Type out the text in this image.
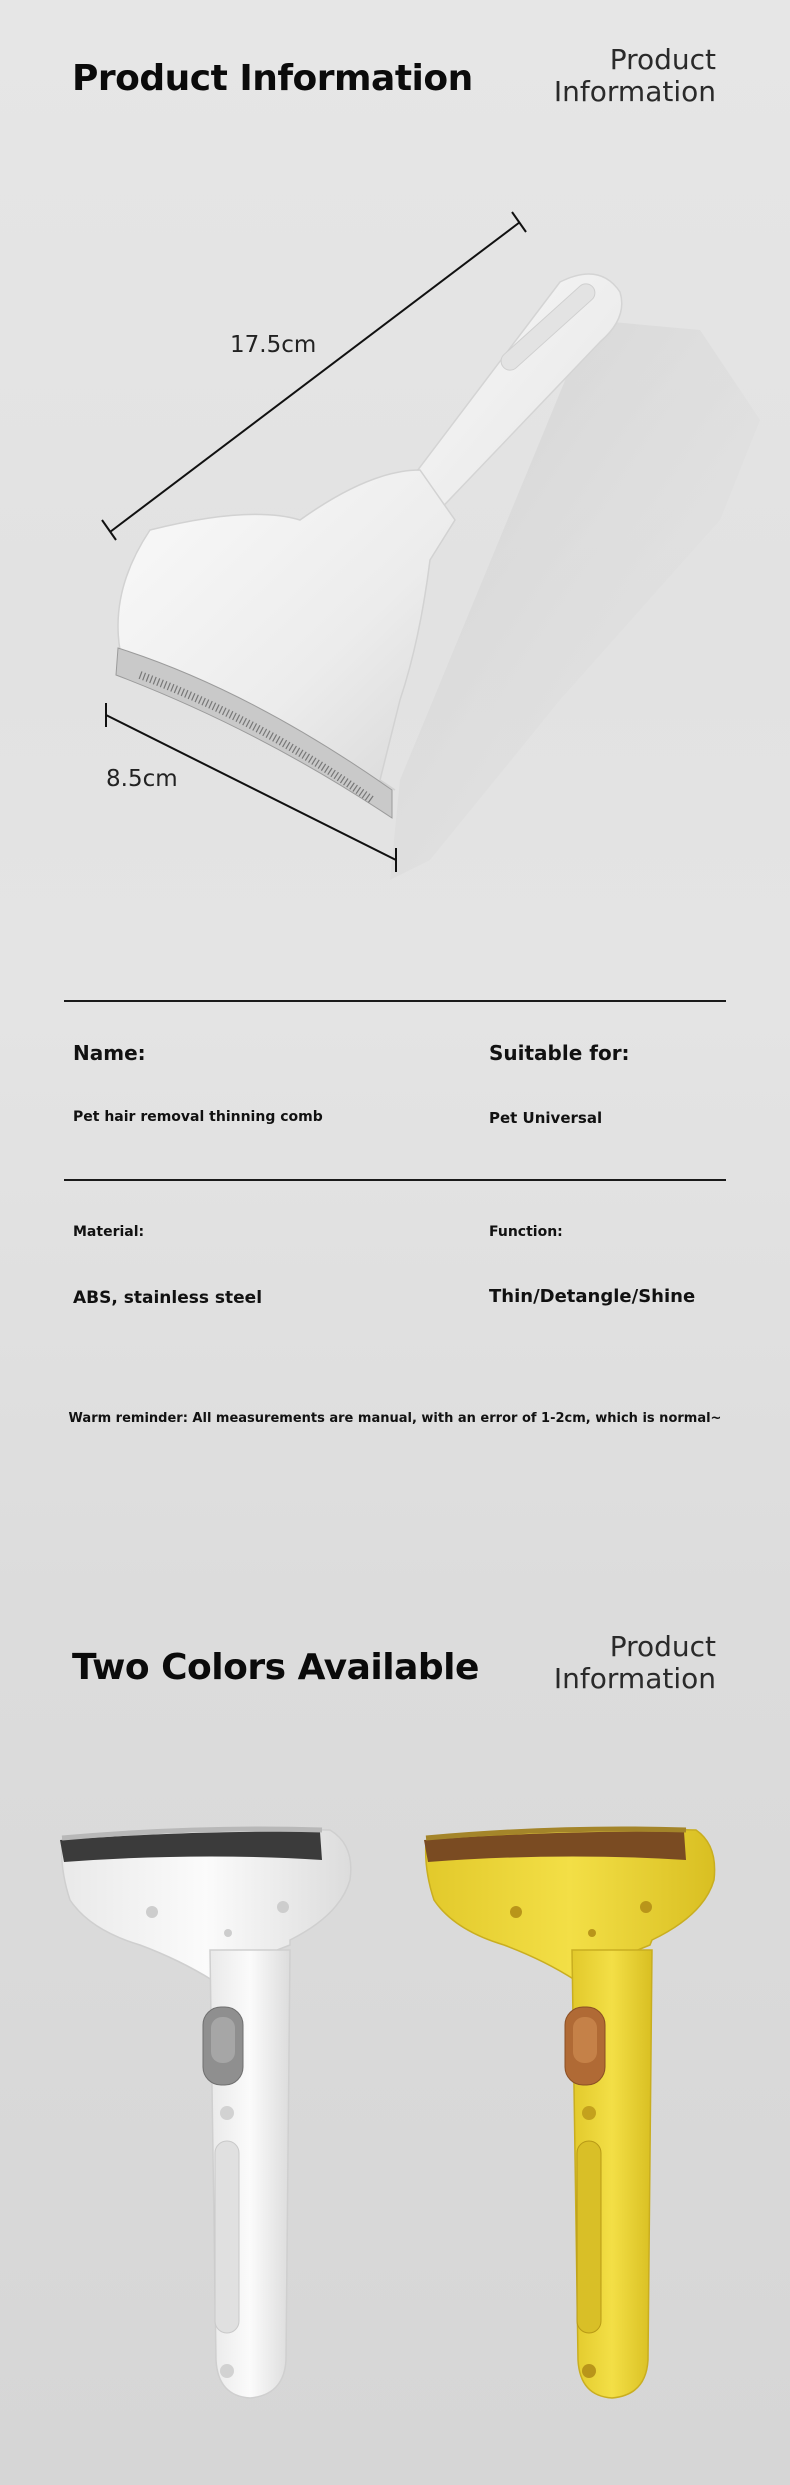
Product Information	Product
Information
17.5cm
8.5cm
Name:
Pet hair removal thinning comb
Suitable for:
Pet Universal
Material:
ABS, stainless steel
Function:
Thin/Detangle/Shine
Warm reminder: All measurements are manual, with an error of 1-2cm, which is normal~
Two Colors Available
Product
Information
